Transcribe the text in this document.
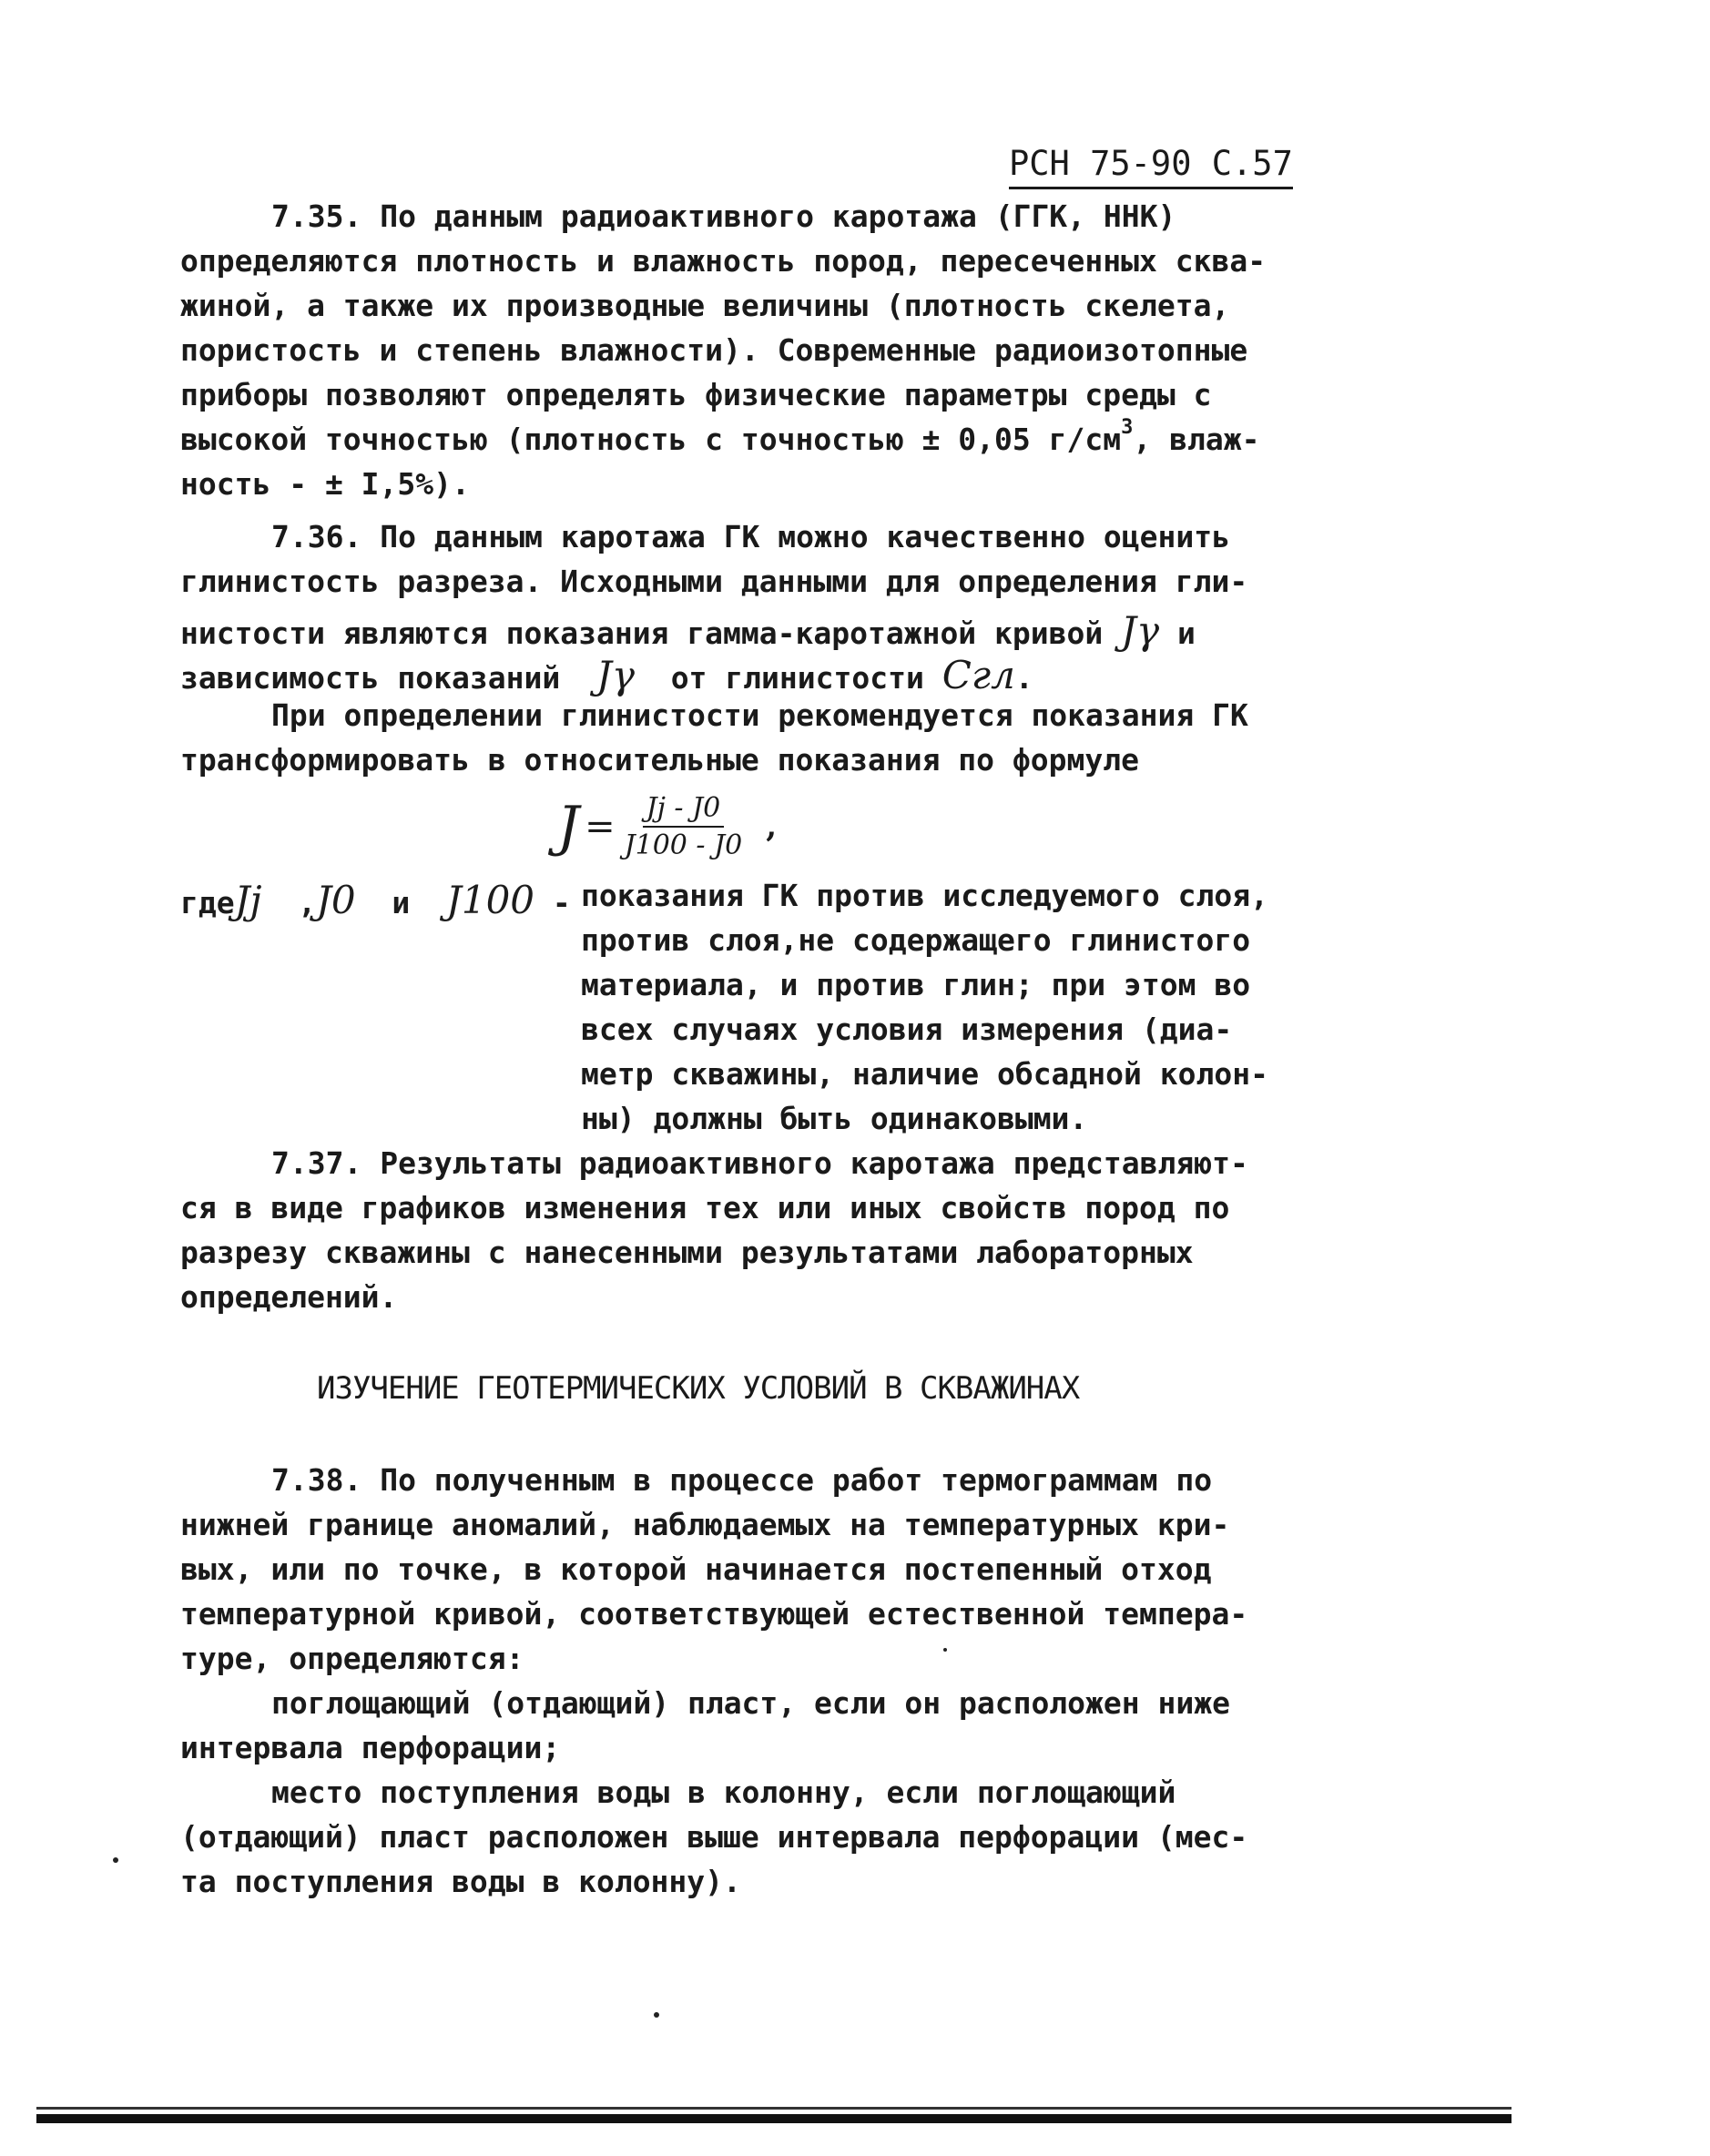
РСН 75-90 С.57
7.35. По данным радиоактивного каротажа (ГГК, ННК)
определяются плотность и влажность пород, пересеченных сква-
жиной, а также их производные величины (плотность скелета,
пористость и степень влажности). Современные радиоизотопные
приборы позволяют определять физические параметры среды с
высокой точностью (плотность с точностью ± 0,05 $г/см^3$, влаж-
ность - ± I,5%).
7.36. По данным каротажа ГК можно качественно оценить
глинистость разреза. Исходными данными для определения гли-
нистости являются показания гамма-каротажной кривой Jγ и
зависимость показаний Jγ от глинистости Cгл.
При определении глинистости рекомендуется показания ГК
трансформировать в относительные показания по формуле
$J = \frac{Jj - J0}{J100 - J0}$ ,
гдеJj ,J0 и J100 - показания ГК против исследуемого слоя,
против слоя,не содержащего глинистого
материала, и против глин; при этом во
всех случаях условия измерения (диа-
метр скважины, наличие обсадной колон-
ны) должны быть одинаковыми.
7.37. Результаты радиоактивного каротажа представляют-
ся в виде графиков изменения тех или иных свойств пород по
разрезу скважины с нанесенными результатами лабораторных
определений.
ИЗУЧЕНИЕ ГЕОТЕРМИЧЕСКИХ УСЛОВИЙ В СКВАЖИНАХ
7.38. По полученным в процессе работ термограммам по
нижней границе аномалий, наблюдаемых на температурных кри-
вых, или по точке, в которой начинается постепенный отход
температурной кривой, соответствующей естественной темпера-
туре, определяются:
поглощающий (отдающий) пласт, если он расположен ниже
интервала перфорации;
место поступления воды в колонну, если поглощающий
(отдающий) пласт расположен выше интервала перфорации (мес-
та поступления воды в колонну).
